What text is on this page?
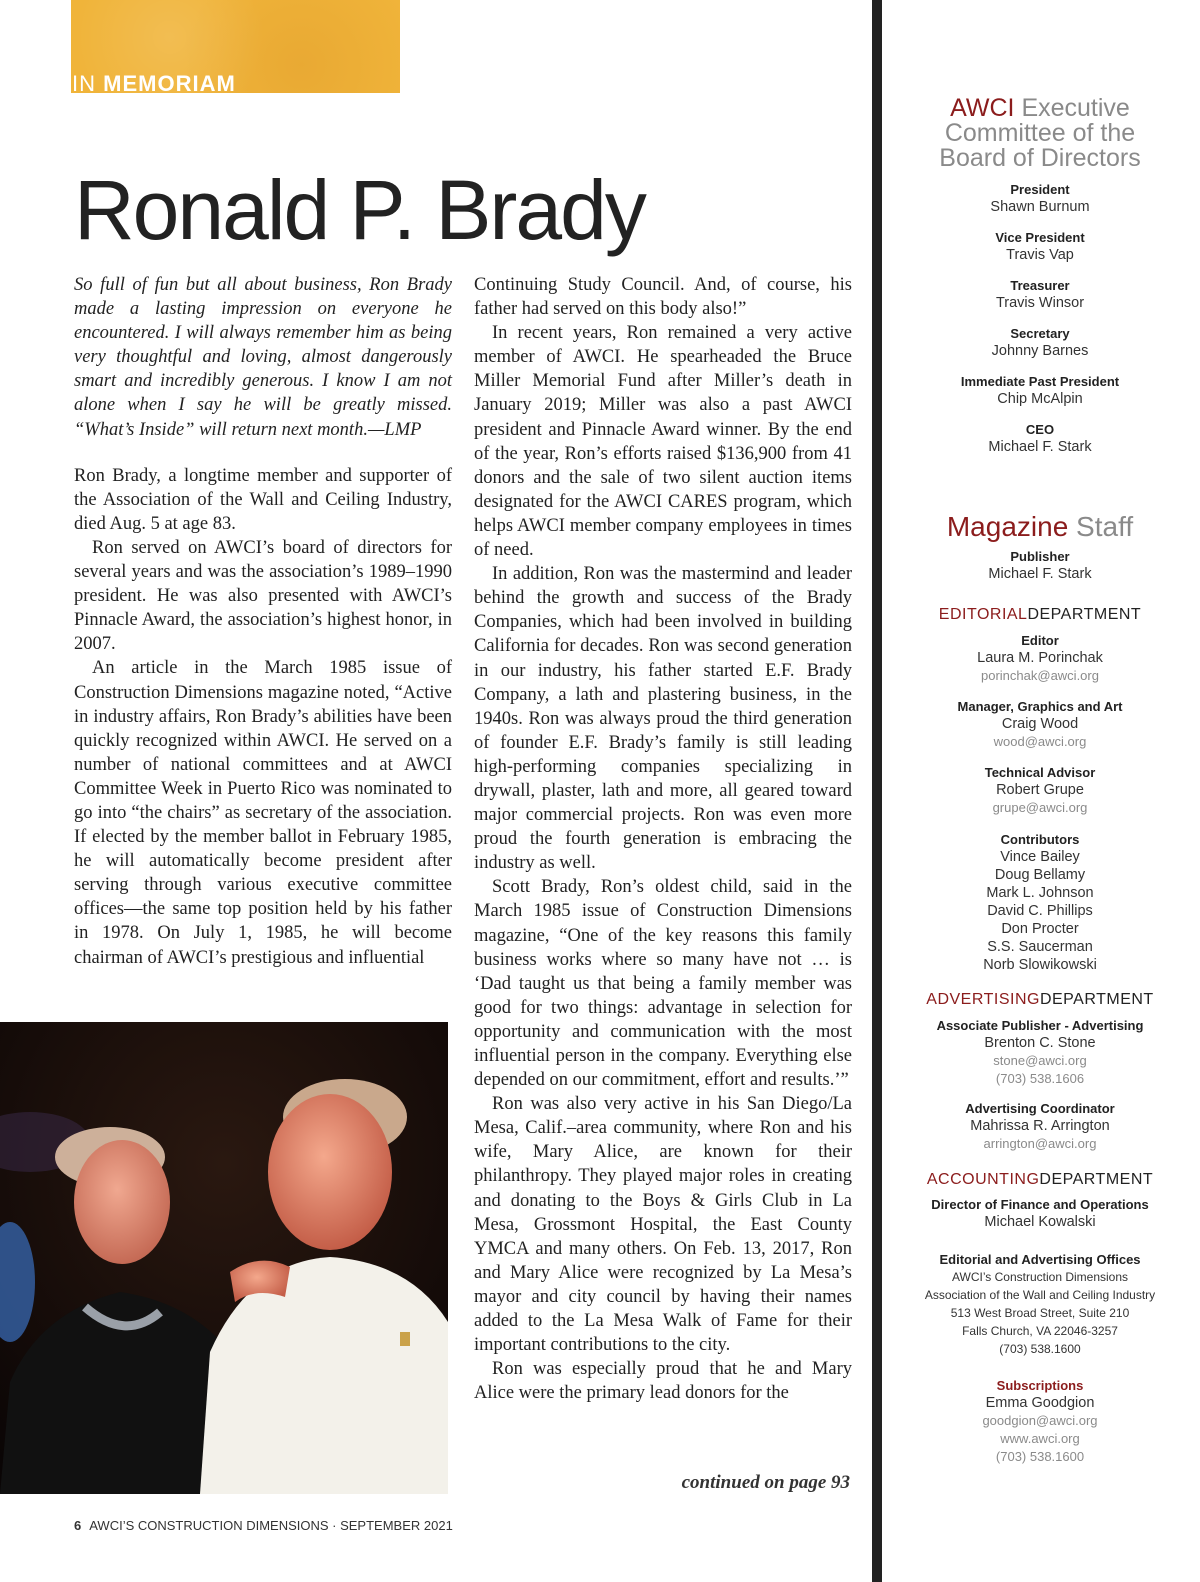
IN MEMORIAM
Ronald P. Brady

So full of fun but all about business, Ron Brady made a lasting impression on everyone he encountered. I will always remember him as being very thoughtful and loving, almost dangerously smart and incredibly generous. I know I am not alone when I say he will be greatly missed. “What’s Inside” will return next month.—LMP

Ron Brady, a longtime member and supporter of the Association of the Wall and Ceiling Industry, died Aug. 5 at age 83.

Ron served on AWCI’s board of directors for several years and was the association’s 1989–1990 president. He was also presented with AWCI’s Pinnacle Award, the association’s highest honor, in 2007.

An article in the March 1985 issue of Construction Dimensions magazine noted, “Active in industry affairs, Ron Brady’s abilities have been quickly recognized within AWCI. He served on a number of national committees and at AWCI Committee Week in Puerto Rico was nominated to go into “the chairs” as secretary of the association. If elected by the member ballot in February 1985, he will automatically become president after serving through various executive committee offices—the same top position held by his father in 1978. On July 1, 1985, he will become chairman of AWCI’s prestigious and influential

Continuing Study Council. And, of course, his father had served on this body also!”

In recent years, Ron remained a very active member of AWCI. He spearheaded the Bruce Miller Memorial Fund after Miller’s death in January 2019; Miller was also a past AWCI president and Pinnacle Award winner. By the end of the year, Ron’s efforts raised $136,900 from 41 donors and the sale of two silent auction items designated for the AWCI CARES program, which helps AWCI member company employees in times of need.

In addition, Ron was the mastermind and leader behind the growth and success of the Brady Companies, which had been involved in building California for decades. Ron was second generation in our industry, his father started E.F. Brady Company, a lath and plastering business, in the 1940s. Ron was always proud the third generation of founder E.F. Brady’s family is still leading high-performing companies specializing in drywall, plaster, lath and more, all geared toward major commercial projects. Ron was even more proud the fourth generation is embracing the industry as well.

Scott Brady, Ron’s oldest child, said in the March 1985 issue of Construction Dimensions magazine, “One of the key reasons this family business works where so many have not … is ‘Dad taught us that being a family member was good for two things: advantage in selection for opportunity and communication with the most influential person in the company. Everything else depended on our commitment, effort and results.’”

Ron was also very active in his San Diego/La Mesa, Calif.–area community, where Ron and his wife, Mary Alice, are known for their philanthropy. They played major roles in creating and donating to the Boys & Girls Club in La Mesa, Grossmont Hospital, the East County YMCA and many others. On Feb. 13, 2017, Ron and Mary Alice were recognized by La Mesa’s mayor and city council by having their names added to the La Mesa Walk of Fame for their important contributions to the city.

Ron was especially proud that he and Mary Alice were the primary lead donors for the

continued on page 93
6 AWCI’S CONSTRUCTION DIMENSIONS · SEPTEMBER 2021
AWCI Executive
Committee of the
Board of Directors
President
Shawn Burnum
Vice President
Travis Vap
Treasurer
Travis Winsor
Secretary
Johnny Barnes
Immediate Past President
Chip McAlpin
CEO
Michael F. Stark
Magazine Staff
Publisher
Michael F. Stark
EDITORIALDEPARTMENT
Editor
Laura M. Porinchak
porinchak@awci.org
Manager, Graphics and Art
Craig Wood
wood@awci.org
Technical Advisor
Robert Grupe
grupe@awci.org
Contributors
Vince Bailey
Doug Bellamy
Mark L. Johnson
David C. Phillips
Don Procter
S.S. Saucerman
Norb Slowikowski
ADVERTISINGDEPARTMENT
Associate Publisher - Advertising
Brenton C. Stone
stone@awci.org
(703) 538.1606
Advertising Coordinator
Mahrissa R. Arrington
arrington@awci.org
ACCOUNTINGDEPARTMENT
Director of Finance and Operations
Michael Kowalski
Editorial and Advertising Offices
AWCI’s Construction Dimensions
Association of the Wall and Ceiling Industry
513 West Broad Street, Suite 210
Falls Church, VA 22046-3257
(703) 538.1600
Subscriptions
Emma Goodgion
goodgion@awci.org
www.awci.org
(703) 538.1600
